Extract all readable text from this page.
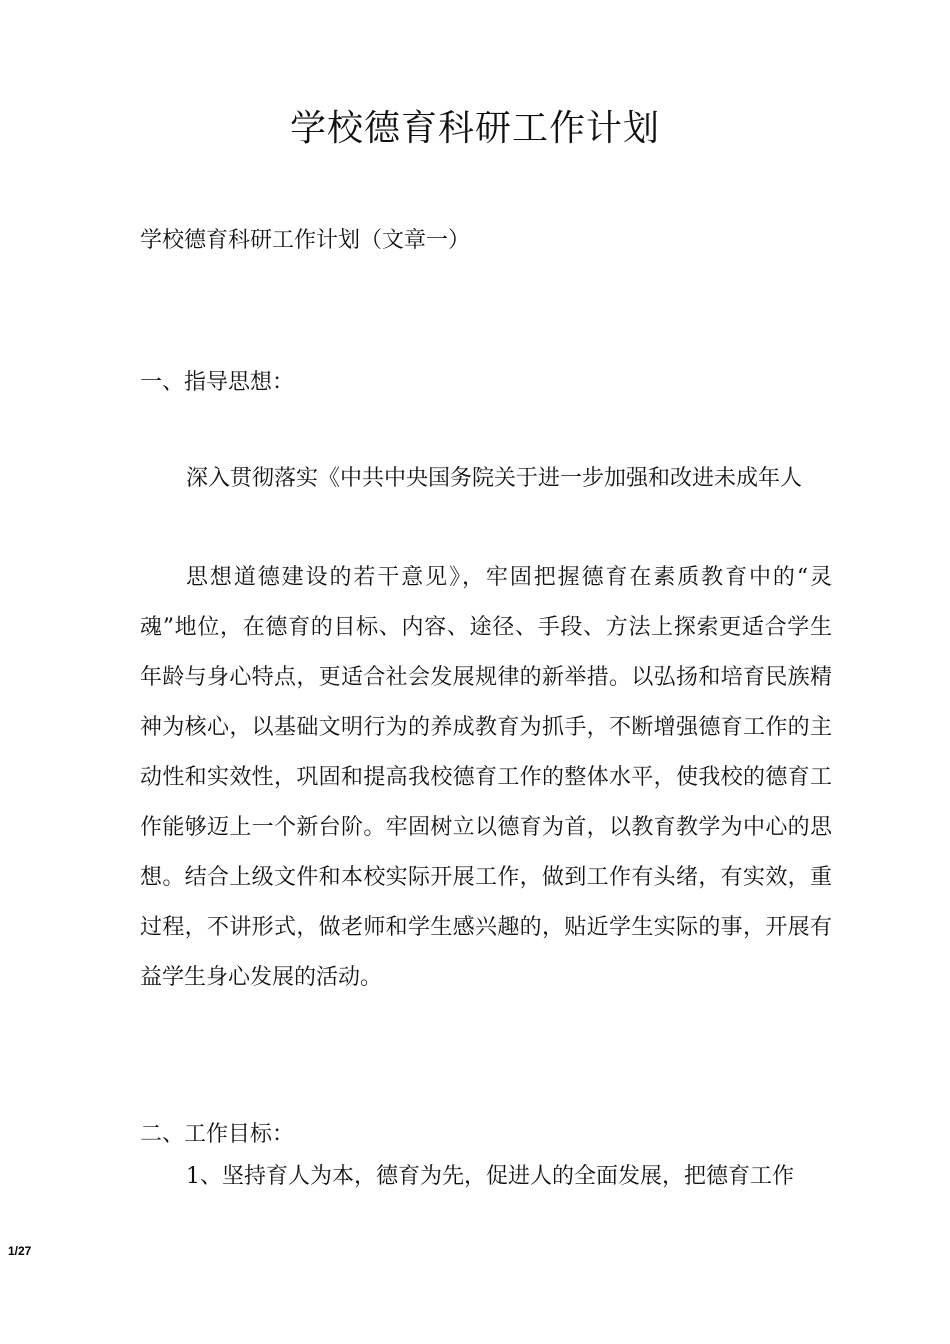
学校德育科研工作计划
学校德育科研工作计划（文章一）
一、指导思想：
深入贯彻落实《中共中央国务院关于进一步加强和改进未成年人
思想道德建设的若干意见》，牢固把握德育在素质教育中的“灵魂”地位，在德育的目标、内容、途径、手段、方法上探索更适合学生年龄与身心特点，更适合社会发展规律的新举措。以弘扬和培育民族精神为核心，以基础文明行为的养成教育为抓手，不断增强德育工作的主动性和实效性，巩固和提高我校德育工作的整体水平，使我校的德育工作能够迈上一个新台阶。牢固树立以德育为首，以教育教学为中心的思想。结合上级文件和本校实际开展工作，做到工作有头绪，有实效，重过程，不讲形式，做老师和学生感兴趣的，贴近学生实际的事，开展有益学生身心发展的活动。
二、工作目标：
1、坚持育人为本，德育为先，促进人的全面发展，把德育工作
1/27
